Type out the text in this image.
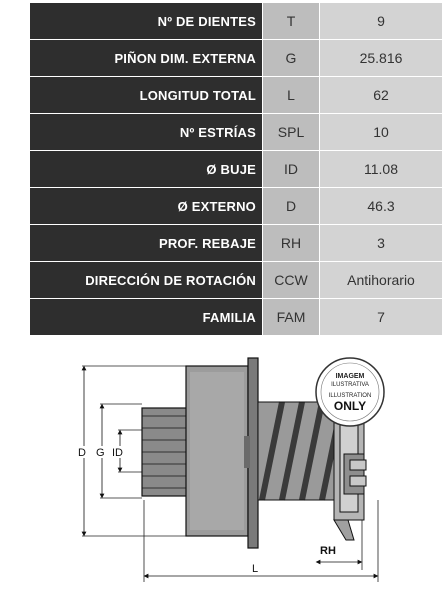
Nº DE DIENTES	T	9
PIÑON DIM. EXTERNA	G	25.816
LONGITUD TOTAL	L	62
Nº ESTRÍAS	SPL	10
Ø BUJE	ID	11.08
Ø EXTERNO	D	46.3
PROF. REBAJE	RH	3
DIRECCIÓN DE ROTACIÓN	CCW	Antihorario
FAMILIA	FAM	7
IMAGEM
ILUSTRATIVA
ILLUSTRATION
ONLY
D G ID
RH
L
